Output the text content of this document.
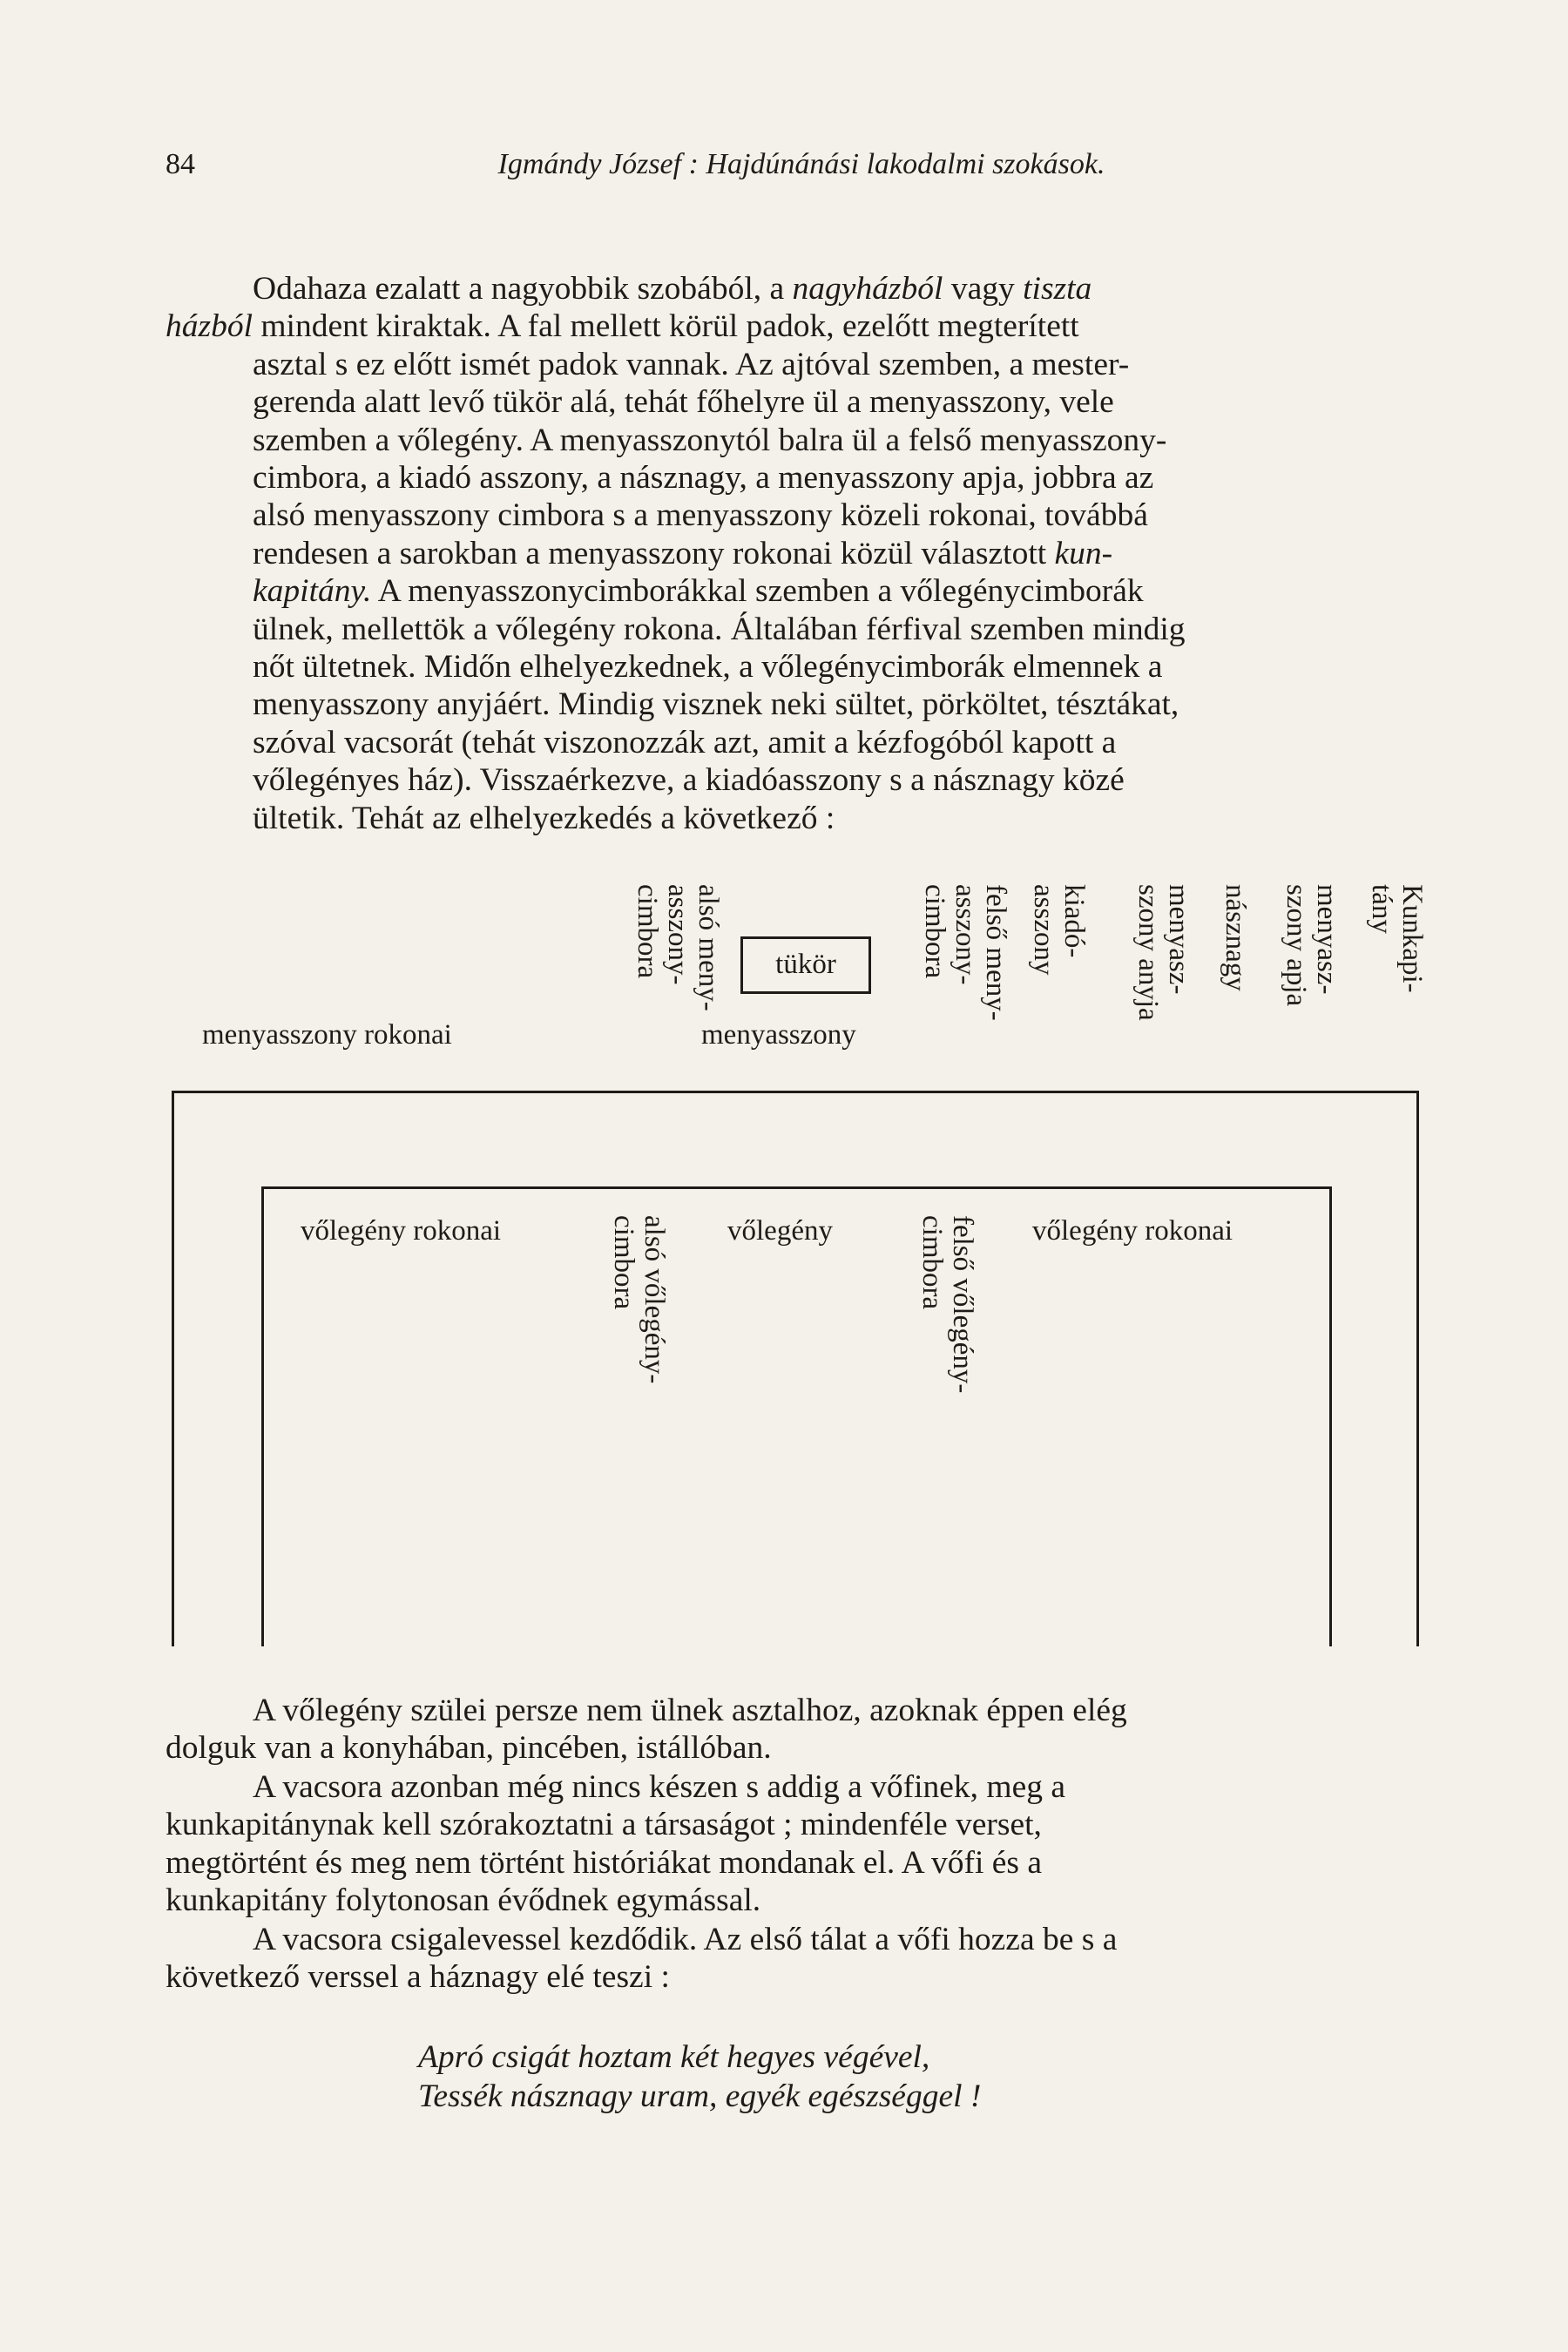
84	Igmándy József : Hajdúnánási lakodalmi szokások.

Odahaza ezalatt a nagyobbik szobából, a nagyházból vagy tiszta
házból mindent kiraktak. A fal mellett körül padok, ezelőtt megterített
asztal s ez előtt ismét padok vannak. Az ajtóval szemben, a mester-
gerenda alatt levő tükör alá, tehát főhelyre ül a menyasszony, vele
szemben a vőlegény. A menyasszonytól balra ül a felső menyasszony-
cimbora, a kiadó asszony, a násznagy, a menyasszony apja, jobbra az
alsó menyasszony cimbora s a menyasszony közeli rokonai, továbbá
rendesen a sarokban a menyasszony rokonai közül választott kun-
kapitány. A menyasszonycimborákkal szemben a vőlegénycimborák
ülnek, mellettök a vőlegény rokona. Általában férfival szemben mindig
nőt ültetnek. Midőn elhelyezkednek, a vőlegénycimborák elmennek a
menyasszony anyjáért. Mindig visznek neki sültet, pörköltet, tésztákat,
szóval vacsorát (tehát viszonozzák azt, amit a kézfogóból kapott a
vőlegényes ház). Visszaérkezve, a kiadóasszony s a násznagy közé
ültetik. Tehát az elhelyezkedés a következő :

alsó meny-
asszony-
cimbora	felső meny-
asszony-
cimbora	kiadó-
asszony	menyasz-
szony anyja	násznagy	menyasz-
szony apja	Kunkapi-
tány
menyasszony rokonai
tükör
menyasszony
vőlegény rokonai	alsó vőlegény-
cimbora	vőlegény	felső vőlegény-
cimbora	vőlegény rokonai

A vőlegény szülei persze nem ülnek asztalhoz, azoknak éppen elég
dolguk van a konyhában, pincében, istállóban.

A vacsora azonban még nincs készen s addig a vőfinek, meg a
kunkapitánynak kell szórakoztatni a társaságot ; mindenféle verset,
megtörtént és meg nem történt históriákat mondanak el. A vőfi és a
kunkapitány folytonosan évődnek egymással.

A vacsora csigalevessel kezdődik. Az első tálat a vőfi hozza be s a
következő verssel a háznagy elé teszi :

Apró csigát hoztam két hegyes végével,
Tessék násznagy uram, egyék egészséggel !
